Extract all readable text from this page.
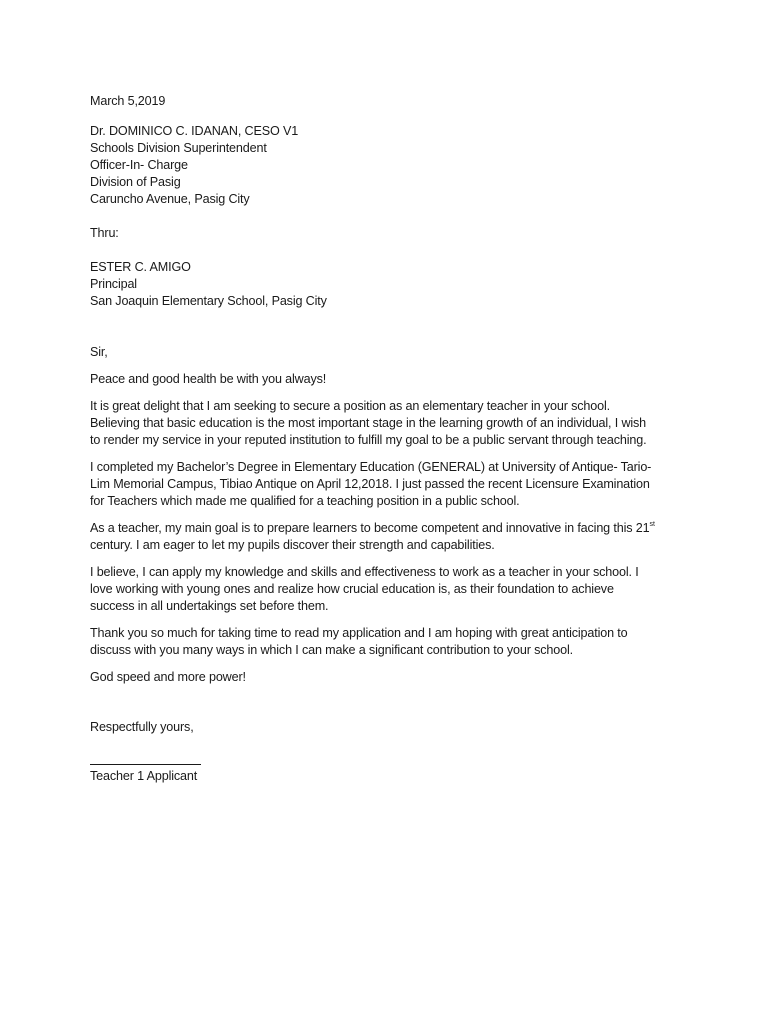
March 5,2019
Dr. DOMINICO C. IDANAN, CESO V1
Schools Division Superintendent
Officer-In- Charge
Division of Pasig
Caruncho Avenue, Pasig City
Thru:
ESTER C. AMIGO
Principal
San Joaquin Elementary School, Pasig City
Sir,
Peace and good health be with you always!
It is great delight that I am seeking to secure a position as an elementary teacher in your school.
Believing that basic education is the most important stage in the learning growth of an individual, I wish
to render my service in your reputed institution to fulfill my goal to be a public servant through teaching.
I completed my Bachelor’s Degree in Elementary Education (GENERAL) at University of Antique- Tario-
Lim Memorial Campus, Tibiao Antique on April 12,2018. I just passed the recent Licensure Examination
for Teachers which made me qualified for a teaching position in a public school.
As a teacher, my main goal is to prepare learners to become competent and innovative in facing this 21st
century. I am eager to let my pupils discover their strength and capabilities.
I believe, I can apply my knowledge and skills and effectiveness to work as a teacher in your school. I
love working with young ones and realize how crucial education is, as their foundation to achieve
success in all undertakings set before them.
Thank you so much for taking time to read my application and I am hoping with great anticipation to
discuss with you many ways in which I can make a significant contribution to your school.
God speed and more power!
Respectfully yours,
Teacher 1 Applicant
